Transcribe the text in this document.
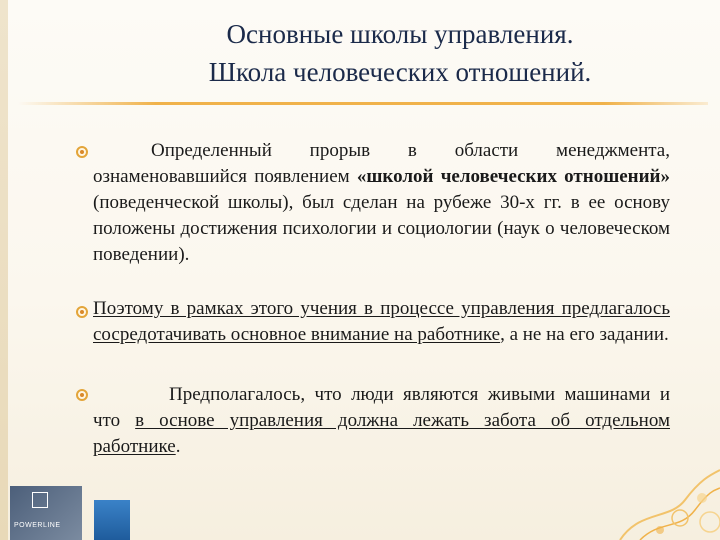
Основные школы управления.
Школа человеческих отношений.
Определенный прорыв в области менеджмента, ознаменовавшийся появлением «школой человеческих отношений» (поведенческой школы), был сделан на рубеже 30-х гг. в ее основу положены достижения психологии и социологии (наук о человеческом поведении).
Поэтому в рамках этого учения в процессе управления предлагалось сосредотачивать основное внимание на работнике, а не на его задании.
Предполагалось, что люди являются живыми машинами и что в основе управления должна лежать забота об отдельном работнике.
POWERLINE
